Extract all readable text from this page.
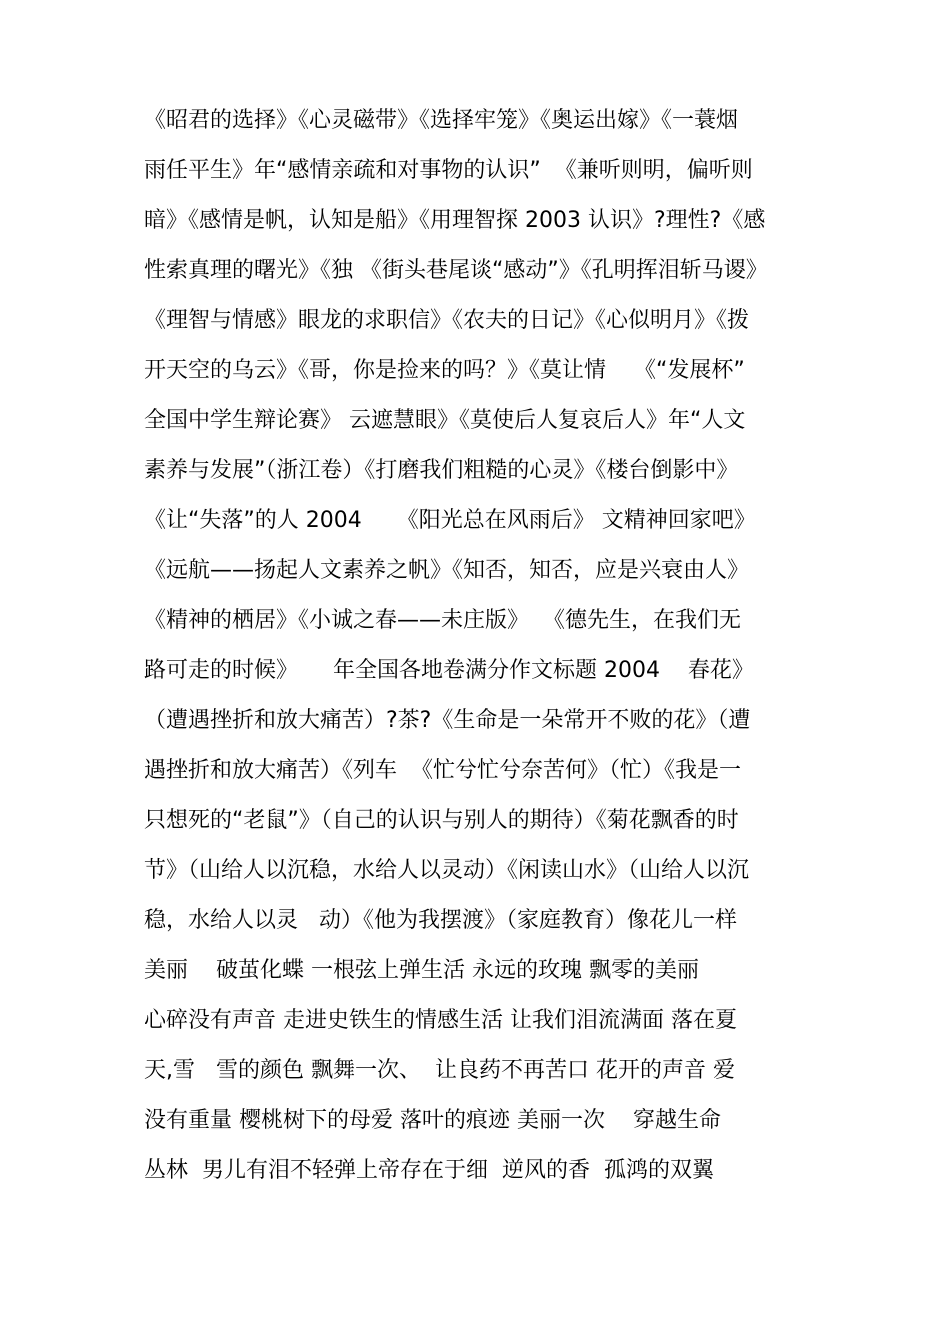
《昭君的选择》《心灵磁带》《选择牢笼》《奥运出嫁》《一蓑烟
雨任平生》年“感情亲疏和对事物的认识”  《兼听则明，偏听则
暗》《感情是帆，认知是船》《用理智探 2003 认识》?理性?《感
性索真理的曙光》《独 《街头巷尾谈“感动”》《孔明挥泪斩马谡》
《理智与情感》眼龙的求职信》《农夫的日记》《心似明月》《拨
开天空的乌云》《哥，你是捡来的吗？》《莫让情    《“发展杯”
全国中学生辩论赛》 云遮慧眼》《莫使后人复哀后人》年“人文
素养与发展”（浙江卷）《打磨我们粗糙的心灵》《楼台倒影中》
《让“失落”的人 2004     《阳光总在风雨后》 文精神回家吧》
《远航——扬起人文素养之帆》《知否，知否，应是兴衰由人》
《精神的栖居》《小诚之春——未庄版》  《德先生，在我们无
路可走的时候》     年全国各地卷满分作文标题 2004    春花》
（遭遇挫折和放大痛苦）?茶?《生命是一朵常开不败的花》（遭
遇挫折和放大痛苦）《列车  《忙兮忙兮奈苦何》（忙）《我是一
只想死的“老鼠”》（自己的认识与别人的期待）《菊花飘香的时
节》（山给人以沉稳，水给人以灵动）《闲读山水》（山给人以沉
稳，水给人以灵   动）《他为我摆渡》（家庭教育）像花儿一样
美丽    破茧化蝶 一根弦上弹生活 永远的玫瑰 飘零的美丽
心碎没有声音 走进史铁生的情感生活 让我们泪流满面 落在夏
天,雪   雪的颜色 飘舞一次、  让良药不再苦口 花开的声音 爱
没有重量 樱桃树下的母爱 落叶的痕迹 美丽一次    穿越生命
丛林  男儿有泪不轻弹上帝存在于细  逆风的香  孤鸿的双翼
